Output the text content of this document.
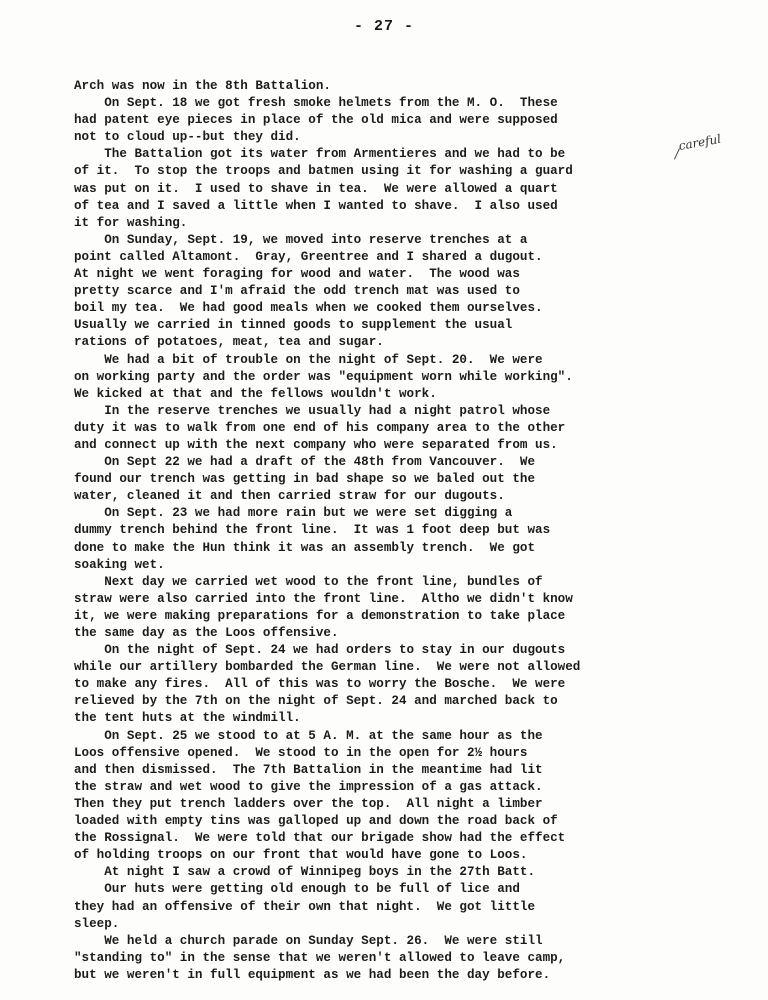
- 27 -
careful
Arch was now in the 8th Battalion.
On Sept. 18 we got fresh smoke helmets from the M. O.  These
had patent eye pieces in place of the old mica and were supposed
not to cloud up--but they did.
The Battalion got its water from Armentieres and we had to be
of it.  To stop the troops and batmen using it for washing a guard
was put on it.  I used to shave in tea.  We were allowed a quart
of tea and I saved a little when I wanted to shave.  I also used
it for washing.
On Sunday, Sept. 19, we moved into reserve trenches at a
point called Altamont.  Gray, Greentree and I shared a dugout.
At night we went foraging for wood and water.  The wood was
pretty scarce and I'm afraid the odd trench mat was used to
boil my tea.  We had good meals when we cooked them ourselves.
Usually we carried in tinned goods to supplement the usual
rations of potatoes, meat, tea and sugar.
We had a bit of trouble on the night of Sept. 20.  We were
on working party and the order was "equipment worn while working".
We kicked at that and the fellows wouldn't work.
In the reserve trenches we usually had a night patrol whose
duty it was to walk from one end of his company area to the other
and connect up with the next company who were separated from us.
On Sept 22 we had a draft of the 48th from Vancouver.  We
found our trench was getting in bad shape so we baled out the
water, cleaned it and then carried straw for our dugouts.
On Sept. 23 we had more rain but we were set digging a
dummy trench behind the front line.  It was 1 foot deep but was
done to make the Hun think it was an assembly trench.  We got
soaking wet.
Next day we carried wet wood to the front line, bundles of
straw were also carried into the front line.  Altho we didn't know
it, we were making preparations for a demonstration to take place
the same day as the Loos offensive.
On the night of Sept. 24 we had orders to stay in our dugouts
while our artillery bombarded the German line.  We were not allowed
to make any fires.  All of this was to worry the Bosche.  We were
relieved by the 7th on the night of Sept. 24 and marched back to
the tent huts at the windmill.
On Sept. 25 we stood to at 5 A. M. at the same hour as the
Loos offensive opened.  We stood to in the open for 2½ hours
and then dismissed.  The 7th Battalion in the meantime had lit
the straw and wet wood to give the impression of a gas attack.
Then they put trench ladders over the top.  All night a limber
loaded with empty tins was galloped up and down the road back of
the Rossignal.  We were told that our brigade show had the effect
of holding troops on our front that would have gone to Loos.
At night I saw a crowd of Winnipeg boys in the 27th Batt.
Our huts were getting old enough to be full of lice and
they had an offensive of their own that night.  We got little
sleep.
We held a church parade on Sunday Sept. 26.  We were still
"standing to" in the sense that we weren't allowed to leave camp,
but we weren't in full equipment as we had been the day before.
